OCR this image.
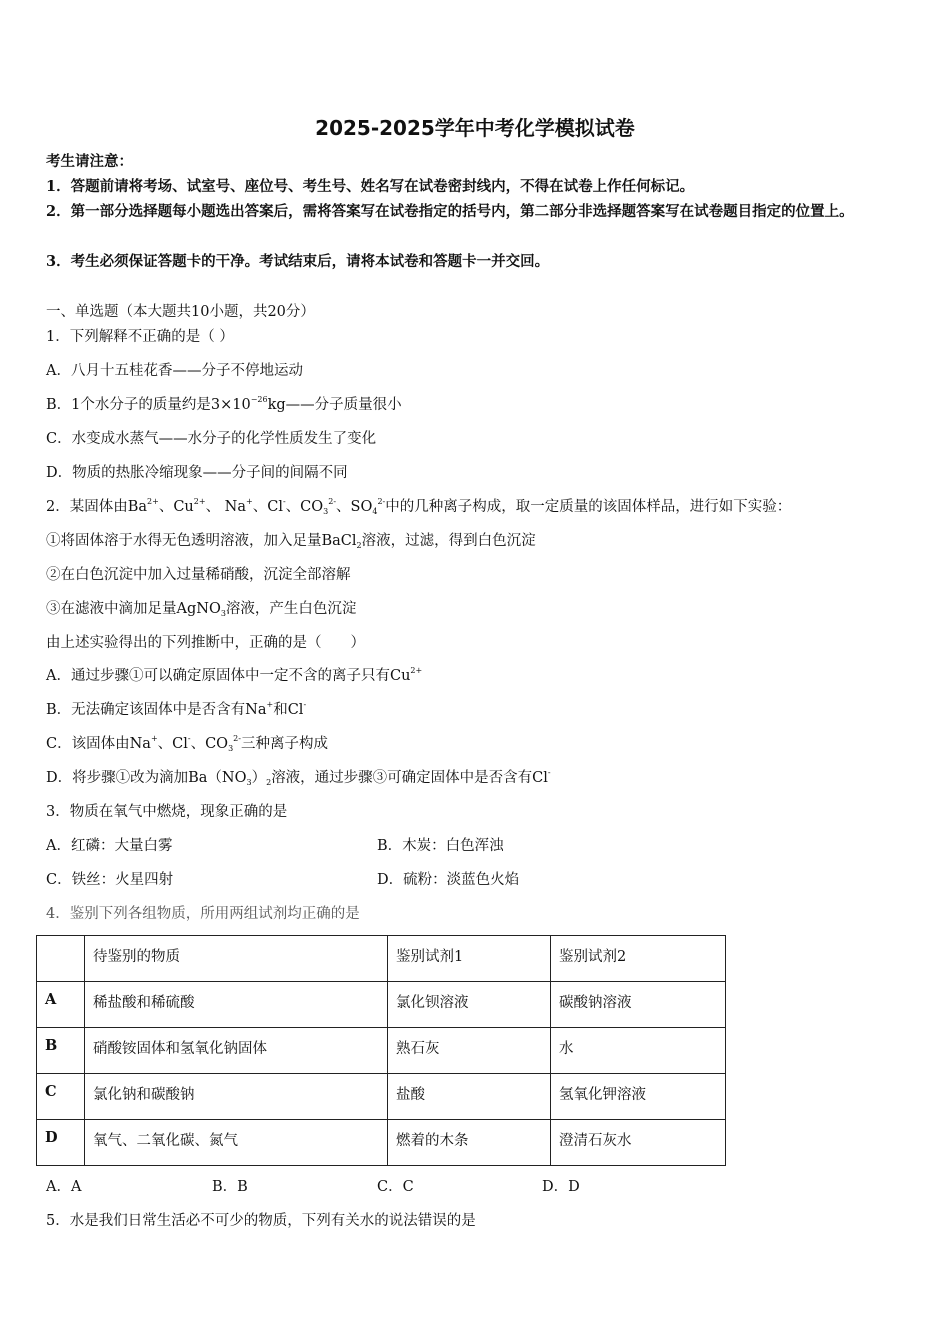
2025-2025学年中考化学模拟试卷
考生请注意：
1．答题前请将考场、试室号、座位号、考生号、姓名写在试卷密封线内，不得在试卷上作任何标记。
2．第一部分选择题每小题选出答案后，需将答案写在试卷指定的括号内，第二部分非选择题答案写在试卷题目指定的位置上。
3．考生必须保证答题卡的干净。考试结束后，请将本试卷和答题卡一并交回。
一、单选题（本大题共10小题，共20分）
1．下列解释不正确的是（ ）
A．八月十五桂花香——分子不停地运动
B．1个水分子的质量约是$3\times 10^{-26}kg——$分子质量很小
C．水变成水蒸气——水分子的化学性质发生了变化
D．物质的热胀冷缩现象——分子间的间隔不同
2．某固体由$Ba^{2+}$、$Cu^{2+}$、 Na+、Cl-、$CO_3^{2-}$、$SO_4^{2-}$中的几种离子构成，取一定质量的该固体样品，进行如下实验：
①将固体溶于水得无色透明溶液，加入足量BaCl$_2$溶液，过滤，得到白色沉淀
②在白色沉淀中加入过量稀硝酸，沉淀全部溶解
③在滤液中滴加足量AgNO$_3$溶液，产生白色沉淀
由上述实验得出的下列推断中，正确的是（　　）
A．通过步骤①可以确定原固体中一定不含的离子只有$Cu^{2+}$
B．无法确定该固体中是否含有Na+和Cl-
C．该固体由Na+、Cl-、$CO_3^{2-}$三种离子构成
D．将步骤①改为滴加$Ba(NO_3)_2$溶液，通过步骤③可确定固体中是否含有Cl-
3．物质在氧气中燃烧，现象正确的是
A．红磷：大量白雾	B．木炭：白色浑浊
C．铁丝：火星四射	D．硫粉：淡蓝色火焰
4．鉴别下列各组物质，所用两组试剂均正确的是
	待鉴别的物质	鉴别试剂1	鉴别试剂2
A	稀盐酸和稀硫酸	氯化钡溶液	碳酸钠溶液
B	硝酸铵固体和氢氧化钠固体	熟石灰	水
C	氯化钠和碳酸钠	盐酸	氢氧化钾溶液
D	氧气、二氧化碳、氮气	燃着的木条	澄清石灰水
A．A	B．B	C．C	D．D
5．水是我们日常生活必不可少的物质，下列有关水的说法错误的是
